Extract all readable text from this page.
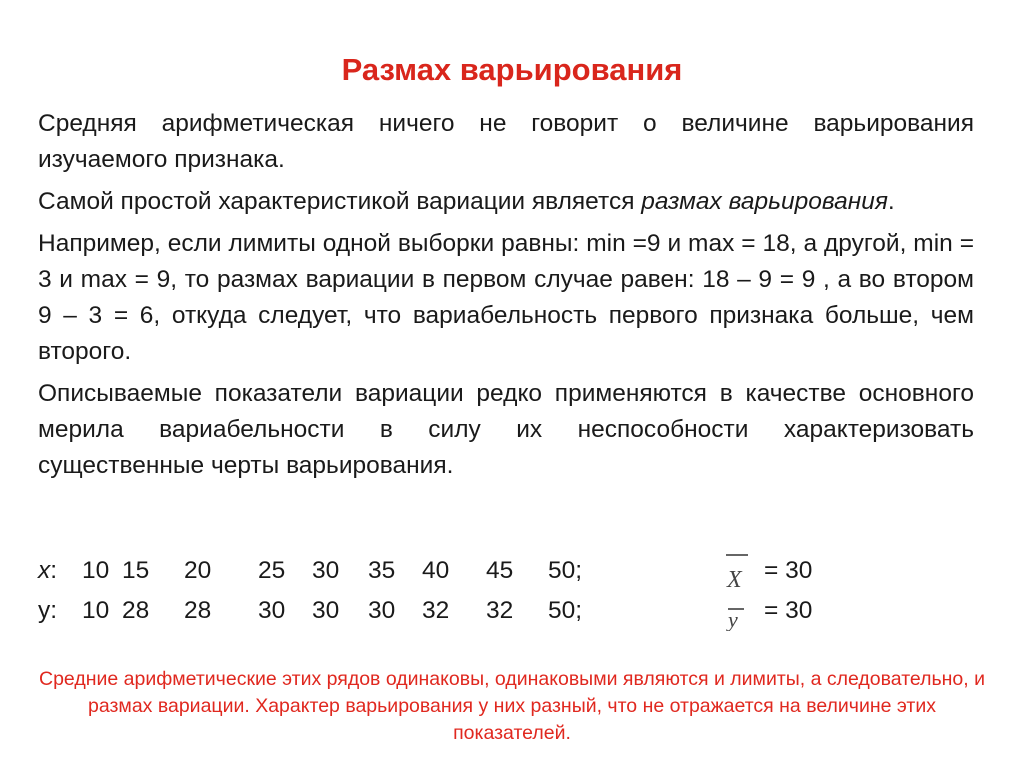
Размах варьирования

Средняя арифметическая ничего не говорит о величине варьирования изучаемого признака.

Самой простой характеристикой вариации является размах варьирования.

Например, если лимиты одной выборки равны: min =9 и max = 18, а другой, min = 3 и max = 9, то размах вариации в первом случае равен: 18 – 9 = 9 , а во втором 9 – 3 = 6, откуда следует, что вариабельность первого признака больше, чем второго.

Описываемые показатели вариации редко применяются в качестве основного мерила вариабельности в силу их неспособности характеризовать существенные черты варьирования.

x:	10 15 20 25 30 35 40 45 50;
y:	10 28 28 30 30 30 32 32 50;
X = 30
y = 30
Средние арифметические этих рядов одинаковы, одинаковыми являются и лимиты, а следовательно, и размах вариации. Характер варьирования у них разный, что не отражается на величине этих показателей.
